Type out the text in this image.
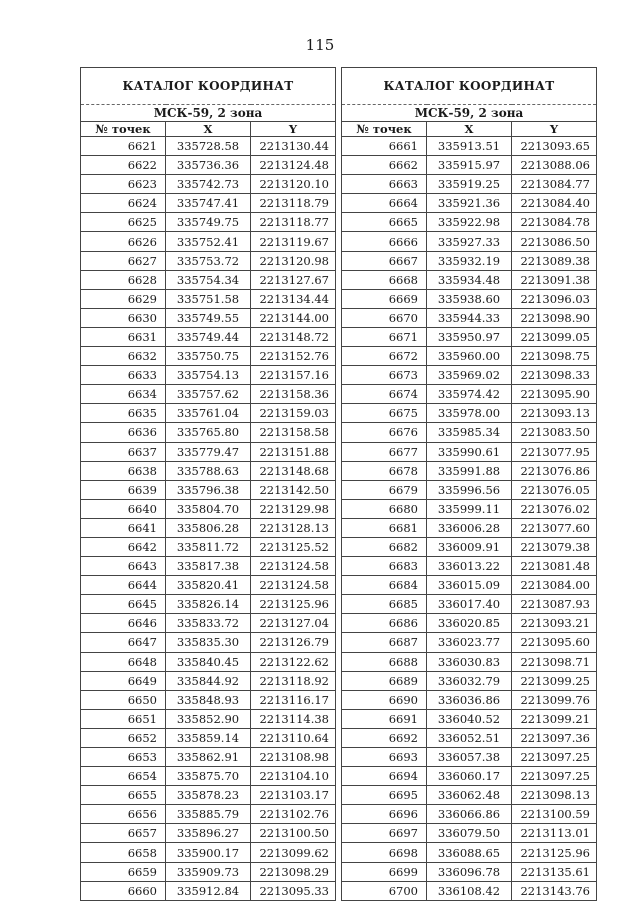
115
КАТАЛОГ КООРДИНАТ		
МСК-59, 2 зона		
№ точек	X	Y
6621	335728.58	2213130.44
6622	335736.36	2213124.48
6623	335742.73	2213120.10
6624	335747.41	2213118.79
6625	335749.75	2213118.77
6626	335752.41	2213119.67
6627	335753.72	2213120.98
6628	335754.34	2213127.67
6629	335751.58	2213134.44
6630	335749.55	2213144.00
6631	335749.44	2213148.72
6632	335750.75	2213152.76
6633	335754.13	2213157.16
6634	335757.62	2213158.36
6635	335761.04	2213159.03
6636	335765.80	2213158.58
6637	335779.47	2213151.88
6638	335788.63	2213148.68
6639	335796.38	2213142.50
6640	335804.70	2213129.98
6641	335806.28	2213128.13
6642	335811.72	2213125.52
6643	335817.38	2213124.58
6644	335820.41	2213124.58
6645	335826.14	2213125.96
6646	335833.72	2213127.04
6647	335835.30	2213126.79
6648	335840.45	2213122.62
6649	335844.92	2213118.92
6650	335848.93	2213116.17
6651	335852.90	2213114.38
6652	335859.14	2213110.64
6653	335862.91	2213108.98
6654	335875.70	2213104.10
6655	335878.23	2213103.17
6656	335885.79	2213102.76
6657	335896.27	2213100.50
6658	335900.17	2213099.62
6659	335909.73	2213098.29
6660	335912.84	2213095.33
КАТАЛОГ КООРДИНАТ		
МСК-59, 2 зона		
№ точек	X	Y
6661	335913.51	2213093.65
6662	335915.97	2213088.06
6663	335919.25	2213084.77
6664	335921.36	2213084.40
6665	335922.98	2213084.78
6666	335927.33	2213086.50
6667	335932.19	2213089.38
6668	335934.48	2213091.38
6669	335938.60	2213096.03
6670	335944.33	2213098.90
6671	335950.97	2213099.05
6672	335960.00	2213098.75
6673	335969.02	2213098.33
6674	335974.42	2213095.90
6675	335978.00	2213093.13
6676	335985.34	2213083.50
6677	335990.61	2213077.95
6678	335991.88	2213076.86
6679	335996.56	2213076.05
6680	335999.11	2213076.02
6681	336006.28	2213077.60
6682	336009.91	2213079.38
6683	336013.22	2213081.48
6684	336015.09	2213084.00
6685	336017.40	2213087.93
6686	336020.85	2213093.21
6687	336023.77	2213095.60
6688	336030.83	2213098.71
6689	336032.79	2213099.25
6690	336036.86	2213099.76
6691	336040.52	2213099.21
6692	336052.51	2213097.36
6693	336057.38	2213097.25
6694	336060.17	2213097.25
6695	336062.48	2213098.13
6696	336066.86	2213100.59
6697	336079.50	2213113.01
6698	336088.65	2213125.96
6699	336096.78	2213135.61
6700	336108.42	2213143.76
